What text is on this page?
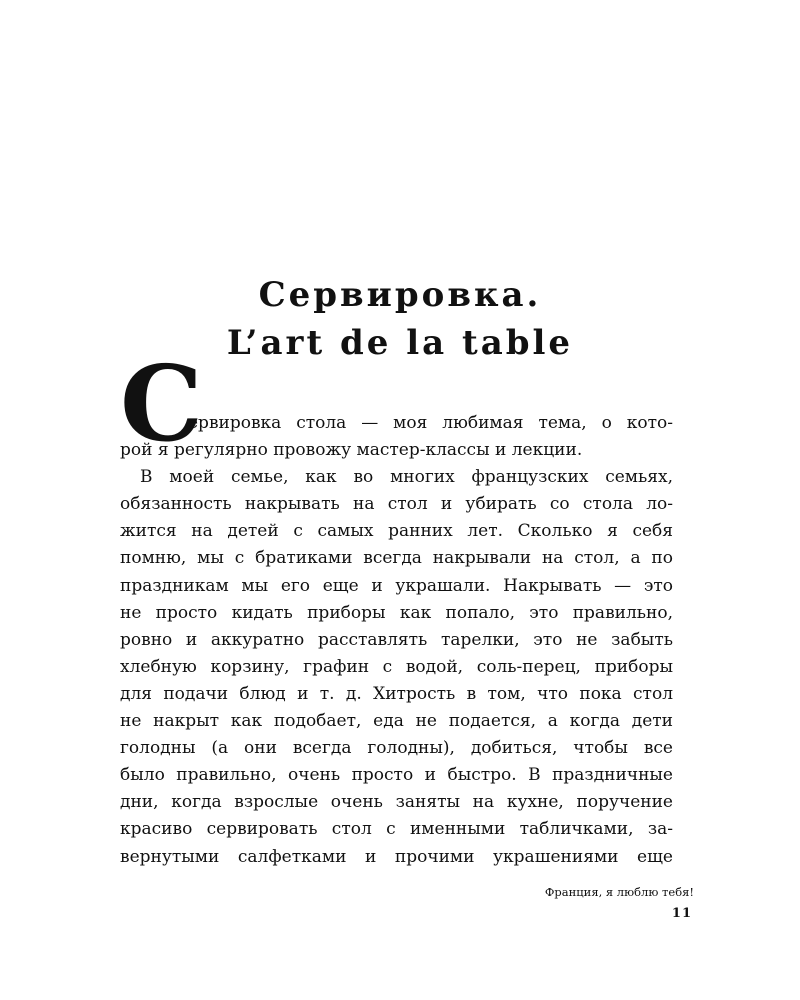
Сервировка.
L’art de la table
С
ервировка стола — моя любимая тема, о кото-
рой я регулярно провожу мастер-классы и лекции.
В моей семье, как во многих французских семьях,
обязанность накрывать на стол и убирать со стола ло-
жится на детей с самых ранних лет. Сколько я себя
помню, мы с братиками всегда накрывали на стол, а по
праздникам мы его еще и украшали. Накрывать — это
не просто кидать приборы как попало, это правильно,
ровно и аккуратно расставлять тарелки, это не забыть
хлебную корзину, графин с водой, соль-перец, приборы
для подачи блюд и т. д. Хитрость в том, что пока стол
не накрыт как подобает, еда не подается, а когда дети
голодны (а они всегда голодны), добиться, чтобы все
было правильно, очень просто и быстро. В праздничные
дни, когда взрослые очень заняты на кухне, поручение
красиво сервировать стол с именными табличками, за-
вернутыми салфетками и прочими украшениями еще
Франция, я люблю тебя!
11
